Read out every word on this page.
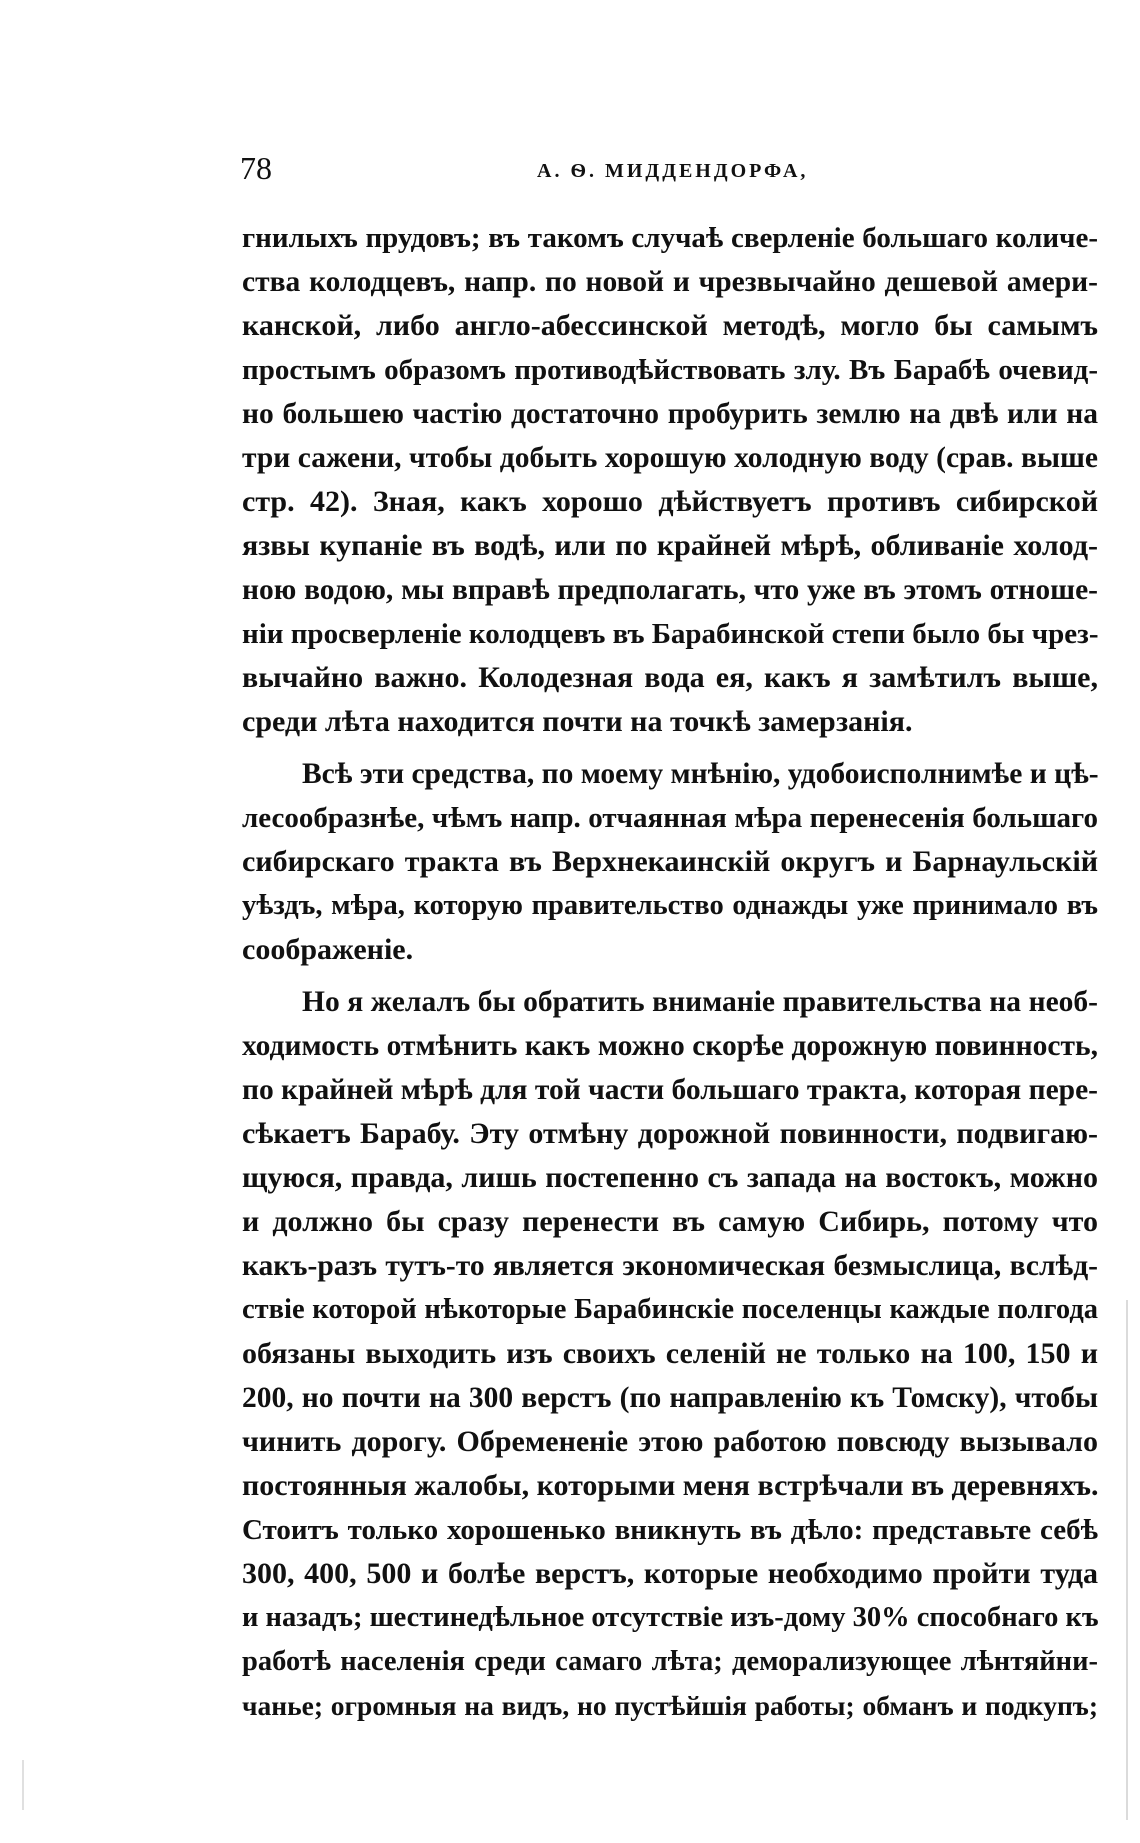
78	А. Ѳ. МИДДЕНДОРФА,
гнилыхъ прудовъ; въ такомъ случаѣ сверленіе большаго количе-
ства колодцевъ, напр. по новой и чрезвычайно дешевой амери-
канской, либо англо-абессинской методѣ, могло бы самымъ
простымъ образомъ противодѣйствовать злу. Въ Барабѣ очевид-
но большею частію достаточно пробурить землю на двѣ или на
три сажени, чтобы добыть хорошую холодную воду (срав. выше
стр. 42). Зная, какъ хорошо дѣйствуетъ противъ сибирской
язвы купаніе въ водѣ, или по крайней мѣрѣ, обливаніе холод-
ною водою, мы вправѣ предполагать, что уже въ этомъ отноше-
ніи просверленіе колодцевъ въ Барабинской степи было бы чрез-
вычайно важно. Колодезная вода ея, какъ я замѣтилъ выше,
среди лѣта находится почти на точкѣ замерзанія.
Всѣ эти средства, по моему мнѣнію, удобоисполнимѣе и цѣ-
лесообразнѣе, чѣмъ напр. отчаянная мѣра перенесенія большаго
сибирскаго тракта въ Верхнекаинскій округъ и Барнаульскій
уѣздъ, мѣра, которую правительство однажды уже принимало въ
соображеніе.
Но я желалъ бы обратить вниманіе правительства на необ-
ходимость отмѣнить какъ можно скорѣе дорожную повинность,
по крайней мѣрѣ для той части большаго тракта, которая пере-
сѣкаетъ Барабу. Эту отмѣну дорожной повинности, подвигаю-
щуюся, правда, лишь постепенно съ запада на востокъ, можно
и должно бы сразу перенести въ самую Сибирь, потому что
какъ-разъ тутъ-то является экономическая безмыслица, вслѣд-
ствіе которой нѣкоторые Барабинскіе поселенцы каждые полгода
обязаны выходить изъ своихъ селеній не только на 100, 150 и
200, но почти на 300 верстъ (по направленію къ Томску), чтобы
чинить дорогу. Обремененіе этою работою повсюду вызывало
постоянныя жалобы, которыми меня встрѣчали въ деревняхъ.
Стоитъ только хорошенько вникнуть въ дѣло: представьте себѣ
300, 400, 500 и болѣе верстъ, которые необходимо пройти туда
и назадъ; шестинедѣльное отсутствіе изъ-дому 30% способнаго къ
работѣ населенія среди самаго лѣта; деморализующее лѣнтяйни-
чанье; огромныя на видъ, но пустѣйшія работы; обманъ и подкупъ;
